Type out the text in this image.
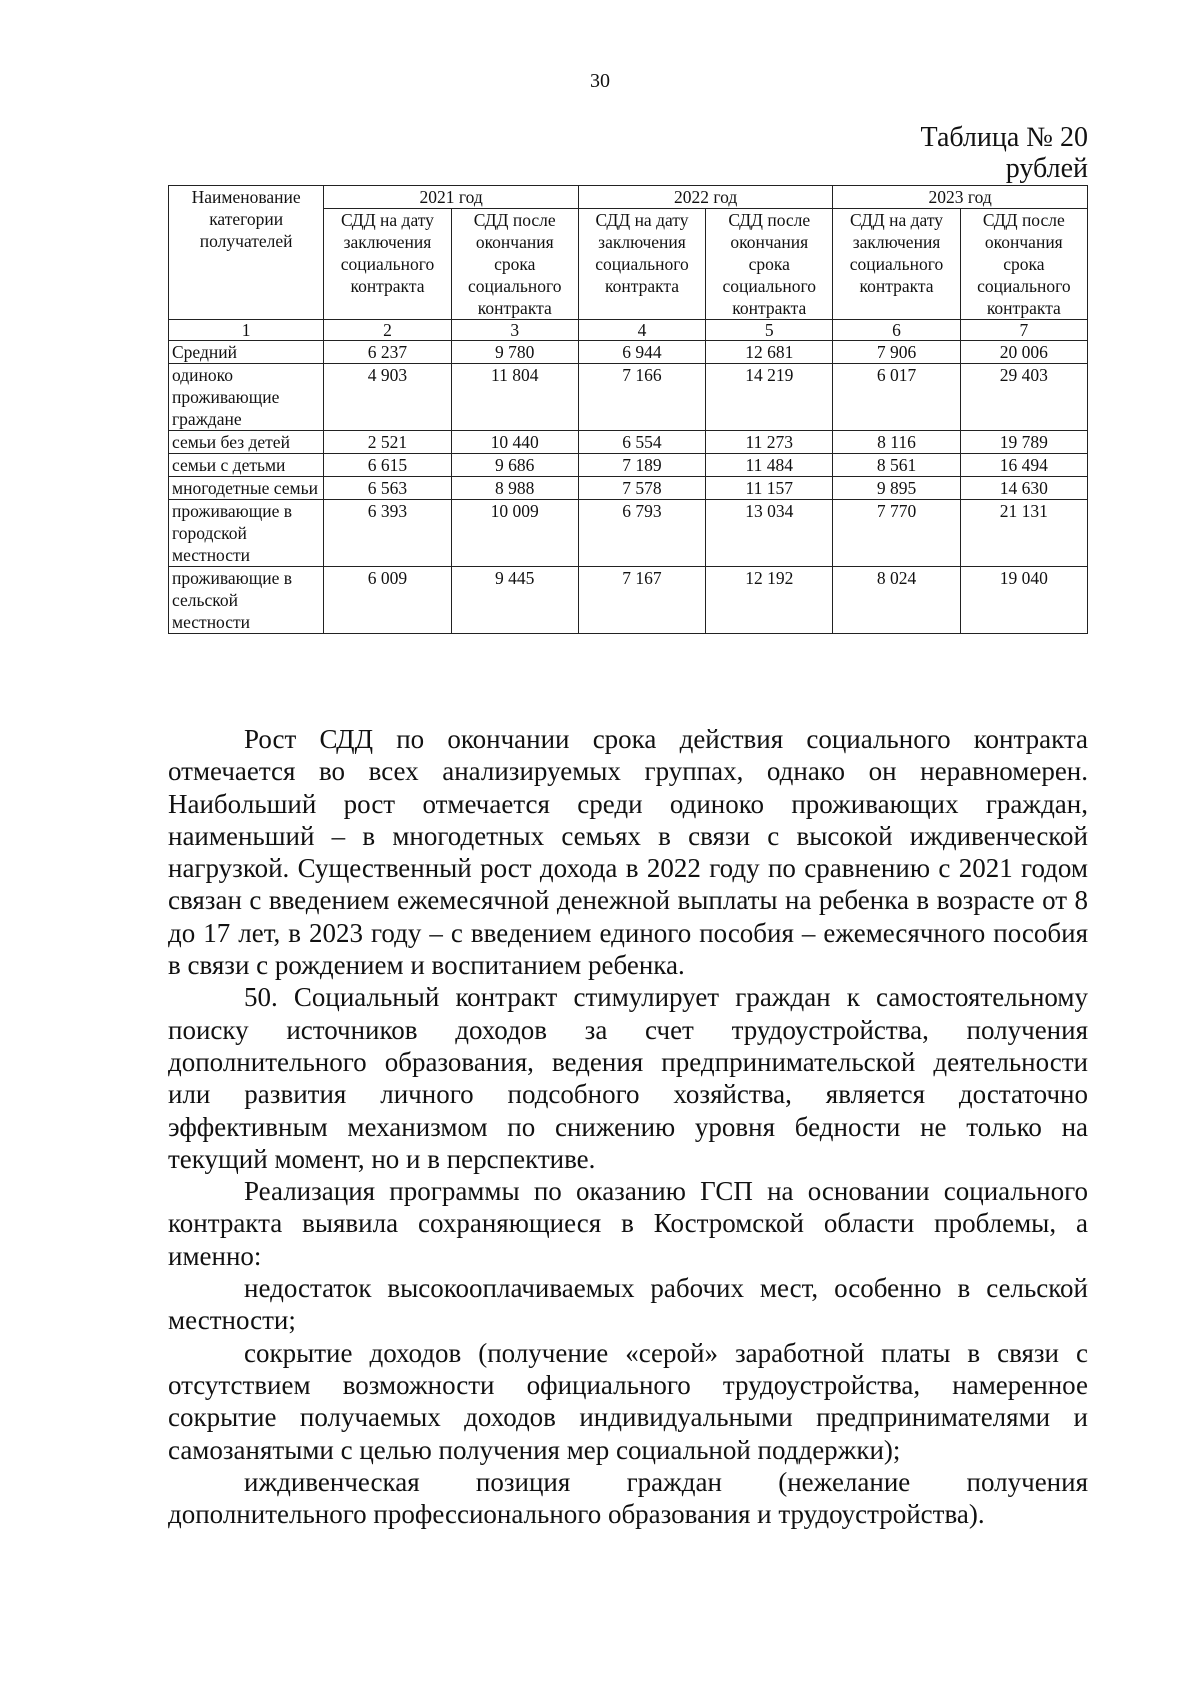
30
Таблица № 20
рублей
Наименование категории получателей	2021 год		2022 год		2023 год	
	СДД на дату заключения социального контракта	СДД после окончания срока социального контракта	СДД на дату заключения социального контракта	СДД после окончания срока социального контракта	СДД на дату заключения социального контракта	СДД после окончания срока социального контракта
1	2	3	4	5	6	7
Средний	6 237	9 780	6 944	12 681	7 906	20 006
одиноко проживающие граждане	4 903	11 804	7 166	14 219	6 017	29 403
семьи без детей	2 521	10 440	6 554	11 273	8 116	19 789
семьи с детьми	6 615	9 686	7 189	11 484	8 561	16 494
многодетные семьи	6 563	8 988	7 578	11 157	9 895	14 630
проживающие в городской местности	6 393	10 009	6 793	13 034	7 770	21 131
проживающие в сельской местности	6 009	9 445	7 167	12 192	8 024	19 040

Рост СДД по окончании срока действия социального контракта отмечается во всех анализируемых группах, однако он неравномерен. Наибольший рост отмечается среди одиноко проживающих граждан, наименьший – в многодетных семьях в связи с высокой иждивенческой нагрузкой. Существенный рост дохода в 2022 году по сравнению с 2021 годом связан с введением ежемесячной денежной выплаты на ребенка в возрасте от 8 до 17 лет, в 2023 году – с введением единого пособия – ежемесячного пособия в связи с рождением и воспитанием ребенка.

50. Социальный контракт стимулирует граждан к самостоятельному поиску источников доходов за счет трудоустройства, получения дополнительного образования, ведения предпринимательской деятельности или развития личного подсобного хозяйства, является достаточно эффективным механизмом по снижению уровня бедности не только на текущий момент, но и в перспективе.

Реализация программы по оказанию ГСП на основании социального контракта выявила сохраняющиеся в Костромской области проблемы, а именно:

недостаток высокооплачиваемых рабочих мест, особенно в сельской местности;

сокрытие доходов (получение «серой» заработной платы в связи с отсутствием возможности официального трудоустройства, намеренное сокрытие получаемых доходов индивидуальными предпринимателями и самозанятыми с целью получения мер социальной поддержки);

иждивенческая позиция граждан (нежелание получения дополнительного профессионального образования и трудоустройства).
